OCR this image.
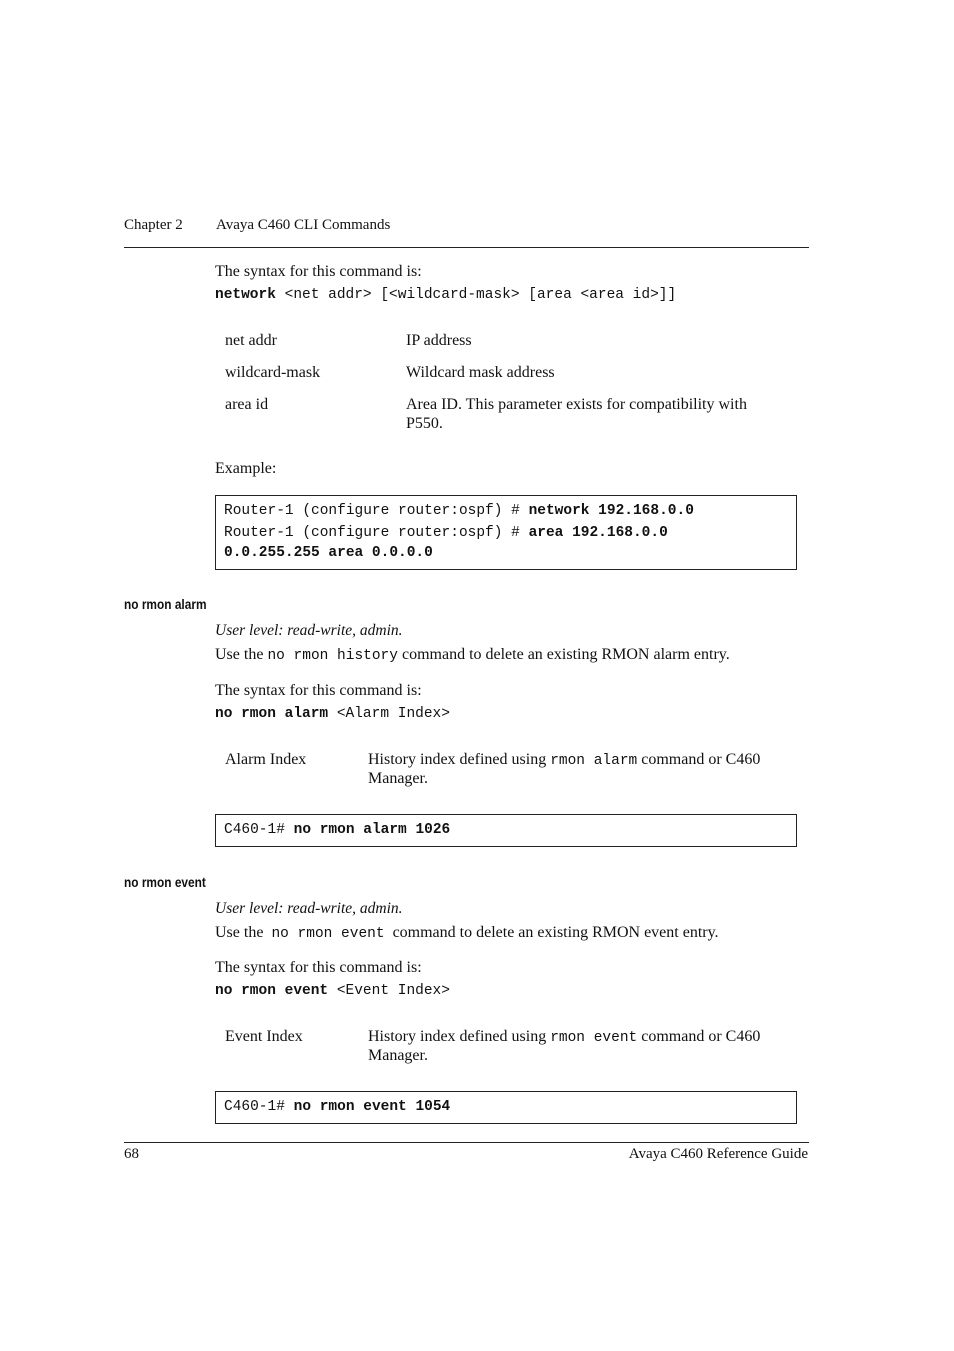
Chapter 2 Avaya C460 CLI Commands
The syntax for this command is:
network <net addr> [<wildcard-mask> [area <area id>]]
net addr	IP address
wildcard-mask	Wildcard mask address
area id	Area ID. This parameter exists for compatibility with
P550.
Example:
Router-1 (configure router:ospf) # network 192.168.0.0
Router-1 (configure router:ospf) # area 192.168.0.0
0.0.255.255 area 0.0.0.0
no rmon alarm
User level: read-write, admin.
Use the no rmon history command to delete an existing RMON alarm entry.
The syntax for this command is:
no rmon alarm <Alarm Index>
Alarm Index	History index defined using rmon alarm command or C460
Manager.
C460-1# no rmon alarm 1026
no rmon event
User level: read-write, admin.
Use the no rmon event command to delete an existing RMON event entry.
The syntax for this command is:
no rmon event <Event Index>
Event Index	History index defined using rmon event command or C460
Manager.
C460-1# no rmon event 1054
68	Avaya C460 Reference Guide
